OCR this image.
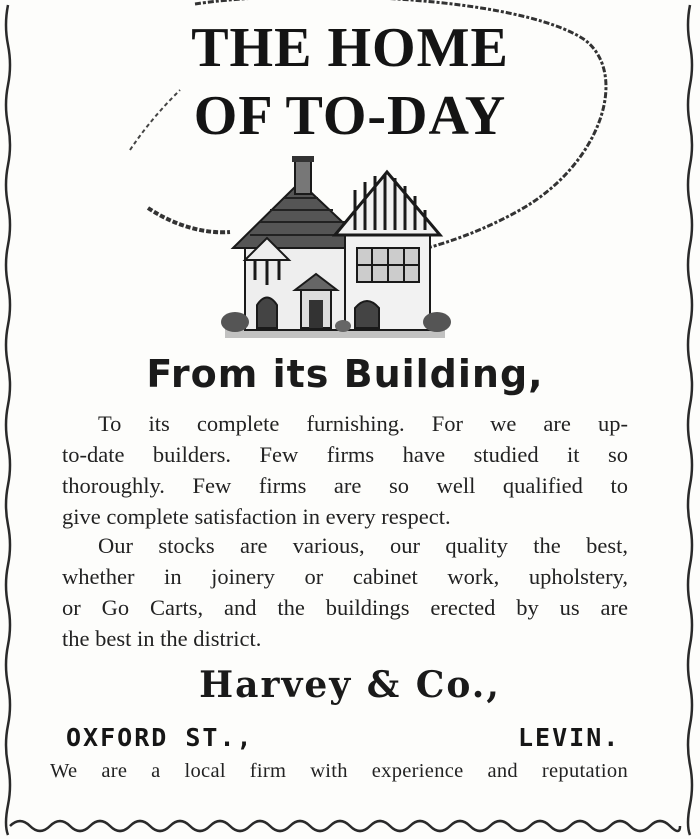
THE HOME
OF TO-DAY
From its Building,
To its complete furnishing. For we are up-
to-date builders. Few firms have studied it so
thoroughly. Few firms are so well qualified to
give complete satisfaction in every respect.
Our stocks are various, our quality the best,
whether in joinery or cabinet work, upholstery,
or Go Carts, and the buildings erected by us are
the best in the district.
Harvey & Co.,
OXFORD ST.,	LEVIN.
We are a local firm with experience and reputation
